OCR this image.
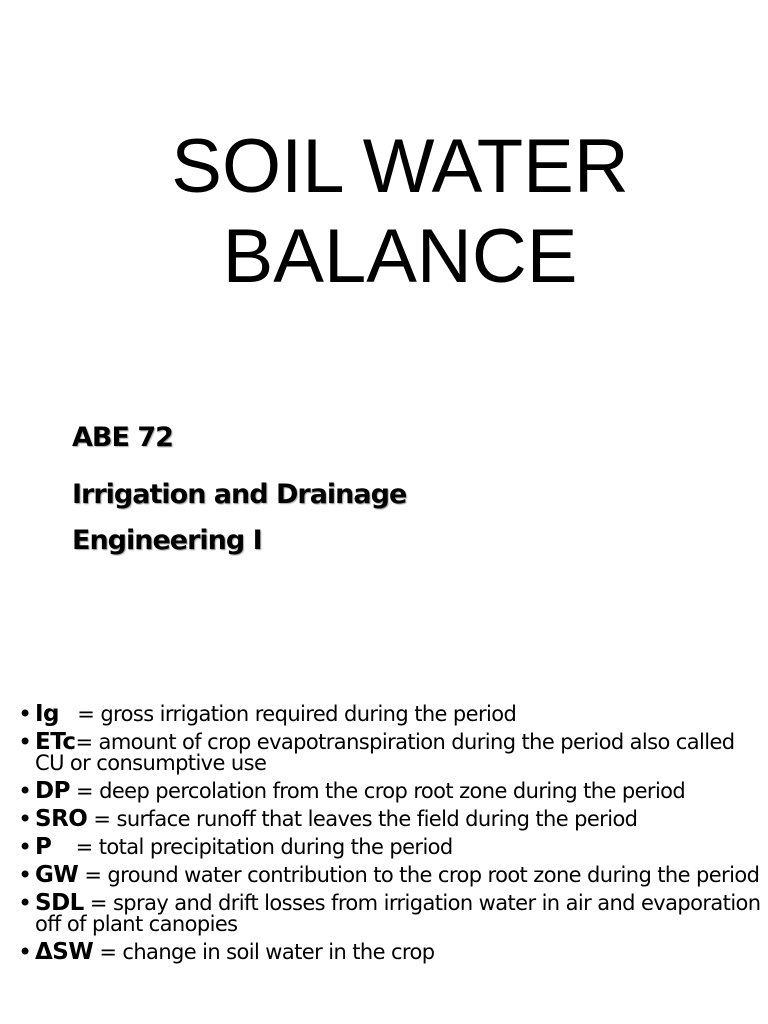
SOIL WATER
BALANCE
ABE 72
Irrigation and Drainage
Engineering I
• Ig   = gross irrigation required during the period
• ETc= amount of crop evapotranspiration during the period also called CU or consumptive use
• DP = deep percolation from the crop root zone during the period
• SRO = surface runoff that leaves the field during the period
• P    = total precipitation during the period
• GW = ground water contribution to the crop root zone during the period
• SDL = spray and drift losses from irrigation water in air and evaporation off of plant canopies
• ΔSW = change in soil water in the crop
